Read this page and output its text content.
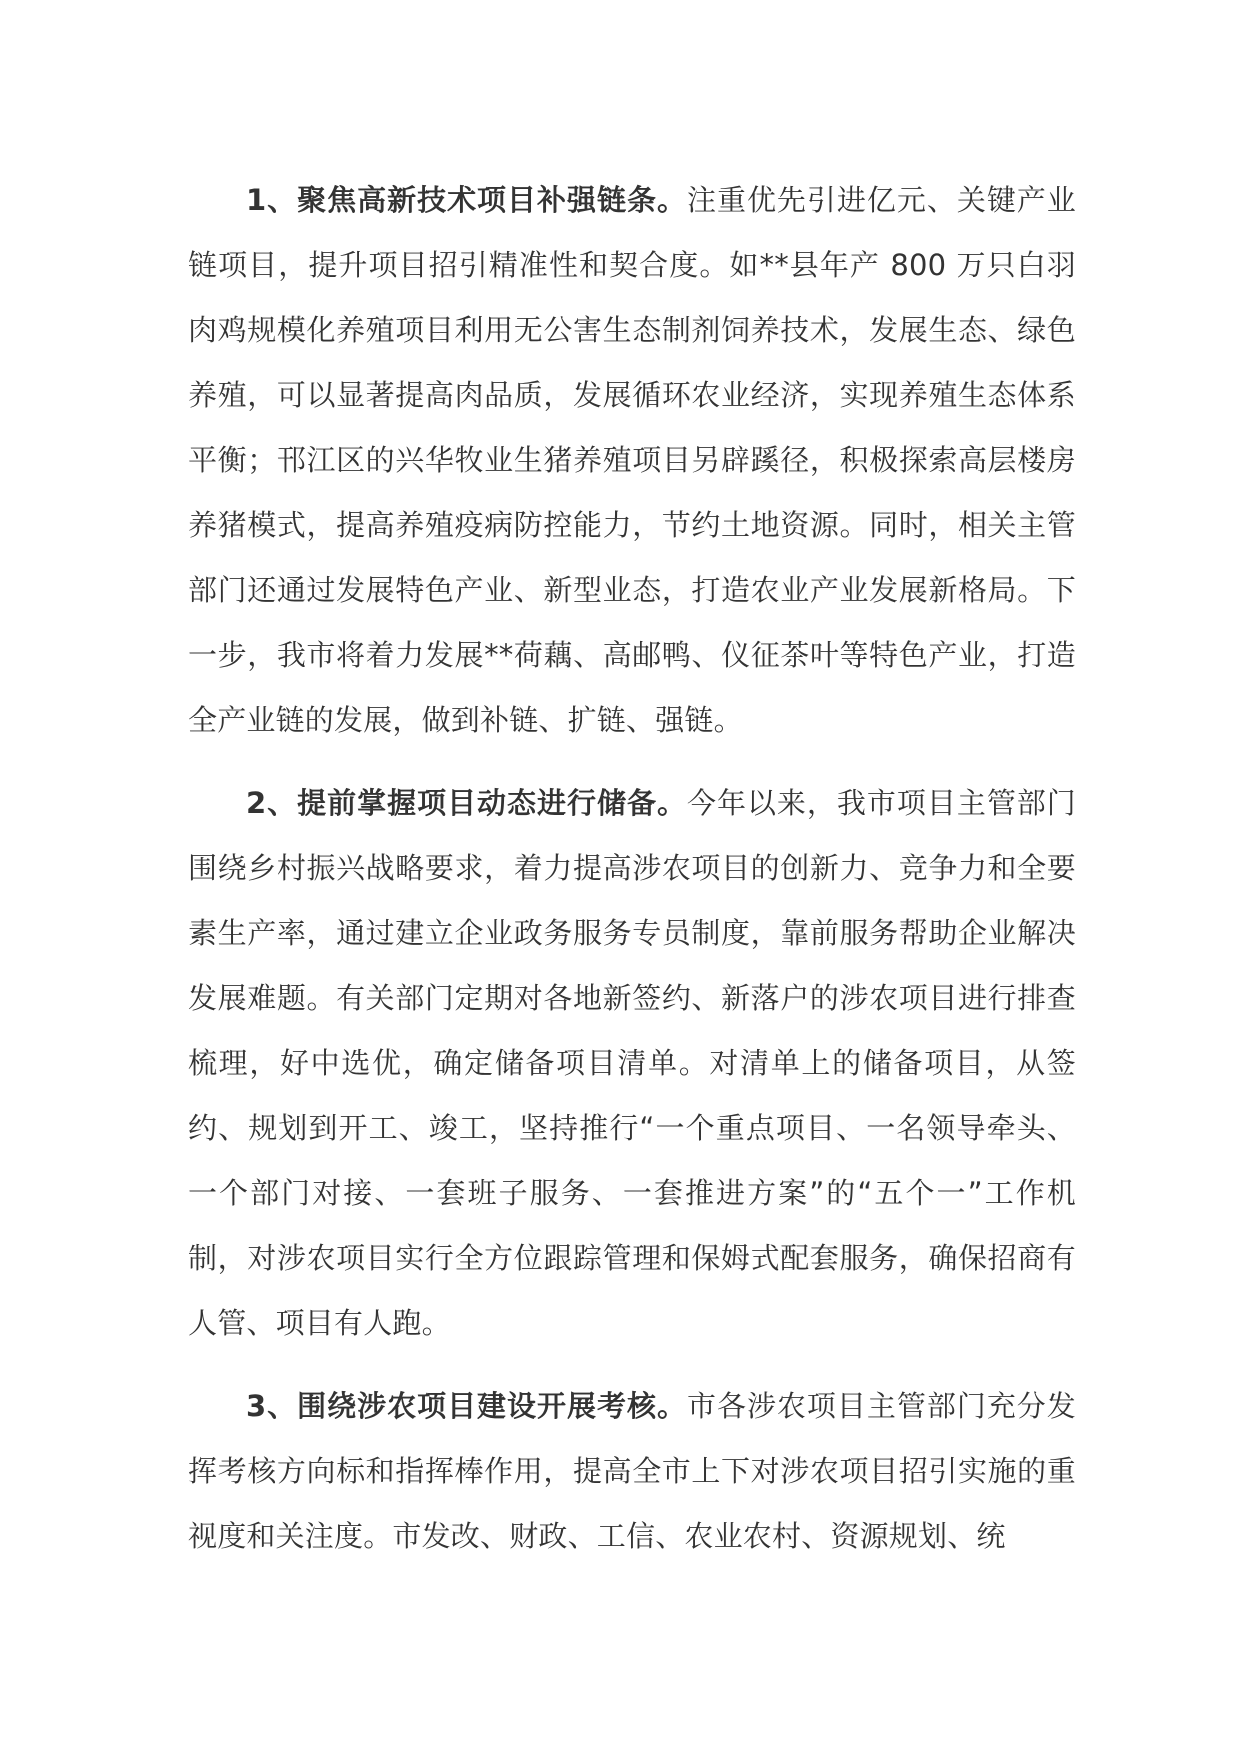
1、聚焦高新技术项目补强链条。注重优先引进亿元、关键产业链项目，提升项目招引精准性和契合度。如**县年产 800 万只白羽肉鸡规模化养殖项目利用无公害生态制剂饲养技术，发展生态、绿色养殖，可以显著提高肉品质，发展循环农业经济，实现养殖生态体系平衡；邗江区的兴华牧业生猪养殖项目另辟蹊径，积极探索高层楼房养猪模式，提高养殖疫病防控能力，节约土地资源。同时，相关主管部门还通过发展特色产业、新型业态，打造农业产业发展新格局。下一步，我市将着力发展**荷藕、高邮鸭、仪征茶叶等特色产业，打造全产业链的发展，做到补链、扩链、强链。

2、提前掌握项目动态进行储备。今年以来，我市项目主管部门围绕乡村振兴战略要求，着力提高涉农项目的创新力、竞争力和全要素生产率，通过建立企业政务服务专员制度，靠前服务帮助企业解决发展难题。有关部门定期对各地新签约、新落户的涉农项目进行排查梳理，好中选优，确定储备项目清单。对清单上的储备项目，从签约、规划到开工、竣工，坚持推行“一个重点项目、一名领导牵头、一个部门对接、一套班子服务、一套推进方案”的“五个一”工作机制，对涉农项目实行全方位跟踪管理和保姆式配套服务，确保招商有人管、项目有人跑。

3、围绕涉农项目建设开展考核。市各涉农项目主管部门充分发挥考核方向标和指挥棒作用，提高全市上下对涉农项目招引实施的重视度和关注度。市发改、财政、工信、农业农村、资源规划、统
